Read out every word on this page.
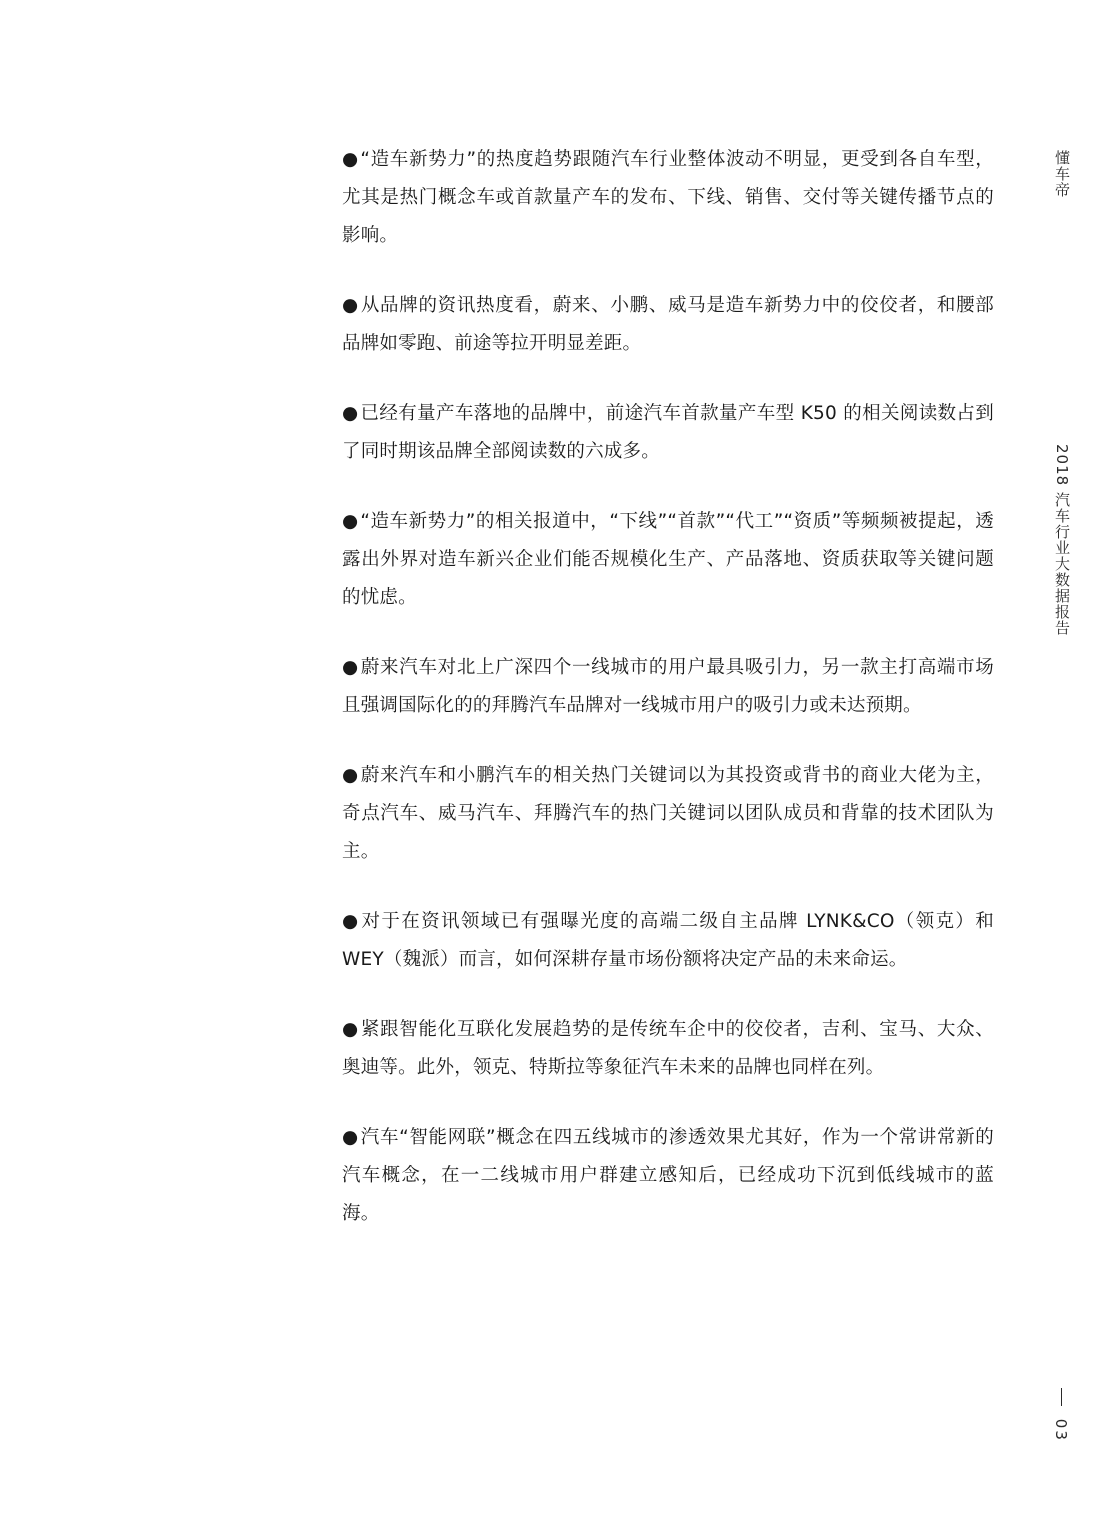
● “造车新势力”的热度趋势跟随汽车行业整体波动不明显，更受到各自车型，尤其是热门概念车或首款量产车的发布、下线、销售、交付等关键传播节点的影响。

● 从品牌的资讯热度看，蔚来、小鹏、威马是造车新势力中的佼佼者，和腰部品牌如零跑、前途等拉开明显差距。

● 已经有量产车落地的品牌中，前途汽车首款量产车型 K50 的相关阅读数占到了同时期该品牌全部阅读数的六成多。

● “造车新势力”的相关报道中，“下线”“首款”“代工”“资质”等频频被提起，透露出外界对造车新兴企业们能否规模化生产、产品落地、资质获取等关键问题的忧虑。

● 蔚来汽车对北上广深四个一线城市的用户最具吸引力，另一款主打高端市场且强调国际化的的拜腾汽车品牌对一线城市用户的吸引力或未达预期。

● 蔚来汽车和小鹏汽车的相关热门关键词以为其投资或背书的商业大佬为主，奇点汽车、威马汽车、拜腾汽车的热门关键词以团队成员和背靠的技术团队为主。

● 对于在资讯领域已有强曝光度的高端二级自主品牌 LYNK&CO（领克）和 WEY（魏派）而言，如何深耕存量市场份额将决定产品的未来命运。

● 紧跟智能化互联化发展趋势的是传统车企中的佼佼者，吉利、宝马、大众、奥迪等。此外，领克、特斯拉等象征汽车未来的品牌也同样在列。

● 汽车“智能网联”概念在四五线城市的渗透效果尤其好，作为一个常讲常新的汽车概念，在一二线城市用户群建立感知后，已经成功下沉到低线城市的蓝海。

懂车帝
2018 汽车行业大数据报告
03
